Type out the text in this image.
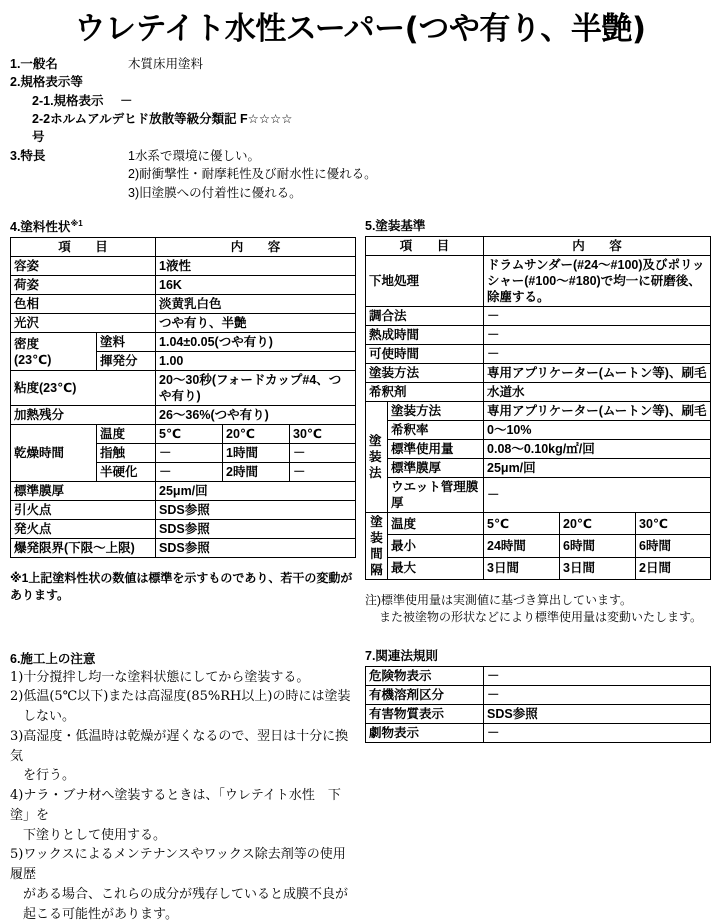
ウレテイト水性スーパー(つや有り、半艶)
1.一般名	木質床用塗料
2.規格表示等
2-1.規格表示	－
2-2ホルムアルデヒド放散等級分類記号
F☆☆☆☆
3.特長	1水系で環境に優しい。
2)耐衝撃性・耐摩耗性及び耐水性に優れる。
3)旧塗膜への付着性に優れる。
4.塗料性状$^{※1}$
項　目		内　容		
容姿		1液性		
荷姿		16K		
色相		淡黄乳白色		
光沢		つや有り、半艶		
密度
(23℃)	塗料	1.04±0.05(つや有り)		
	揮発分	1.00		
粘度(23℃)		20〜30秒(フォードカップ#4、つや有り)		
加熱残分		26〜36%(つや有り)		
乾燥時間	温度	5℃	20℃	30℃
	指触	－	1時間	－
	半硬化	－	2時間	－
標準膜厚		25μm/回		
引火点		SDS参照		
発火点		SDS参照		
爆発限界(下限〜上限)		SDS参照		
※1上記塗料性状の数値は標準を示すものであり、若干の変動があります。
5.塗装基準
項　目		内　容		
下地処理		ドラムサンダー(#24〜#100)及びポリッシャー(#100〜#180)で均一に研磨後、除塵する。		
調合法		－		
熱成時間		－		
可使時間		－		
塗装方法		専用アプリケーター(ムートン等)、刷毛		
希釈剤		水道水		

塗
装
法	塗装方法	専用アプリケーター(ムートン等)、刷毛		
	希釈率	0〜10%		
	標準使用量	0.08〜0.10kg/㎡/回		
	標準膜厚	25μm/回		
	ウエット管理膜厚	－		
塗装間隔	温度	5℃	20℃	30℃
	最小	24時間	6時間	6時間
	最大	3日間	3日間	2日間
注)標準使用量は実測値に基づき算出しています。
また被塗物の形状などにより標準使用量は変動いたします。
6.施工上の注意
1)十分撹拌し均一な塗料状態にしてから塗装する。
2)低温(5℃以下)または高湿度(85%RH以上)の時には塗装
しない。
3)高湿度・低温時は乾燥が遅くなるので、翌日は十分に換気
を行う。
4)ナラ・ブナ材へ塗装するときは、「ウレテイト水性　下塗」を
下塗りとして使用する。
5)ワックスによるメンテナンスやワックス除去剤等の使用履歴
がある場合、これらの成分が残存していると成膜不良が
起こる可能性があります。
7.関連法規則
危険物表示	－
有機溶剤区分	－
有害物質表示	SDS参照
劇物表示	－
